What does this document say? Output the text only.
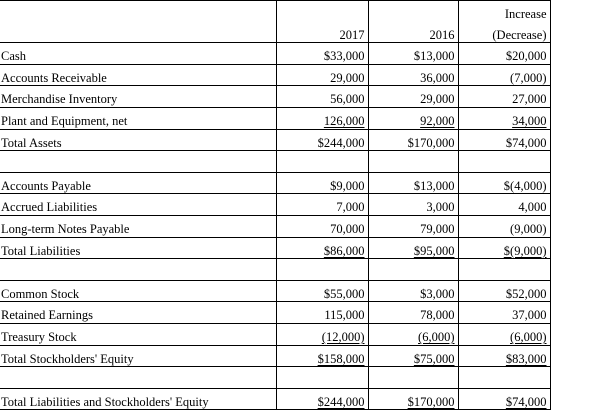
			Increase
	2017	2016	(Decrease)
Cash	$33,000	$13,000	$20,000
Accounts Receivable	29,000	36,000	(7,000)
Merchandise Inventory	56,000	29,000	27,000
Plant and Equipment, net	126,000	92,000	34,000
Total Assets	$244,000	$170,000	$74,000

Accounts Payable	$9,000	$13,000	$(4,000)
Accrued Liabilities	7,000	3,000	4,000
Long-term Notes Payable	70,000	79,000	(9,000)
Total Liabilities	$86,000	$95,000	$(9,000)

Common Stock	$55,000	$3,000	$52,000
Retained Earnings	115,000	78,000	37,000
Treasury Stock	(12,000)	(6,000)	(6,000)
Total Stockholders' Equity	$158,000	$75,000	$83,000

Total Liabilities and Stockholders' Equity	$244,000	$170,000	$74,000
